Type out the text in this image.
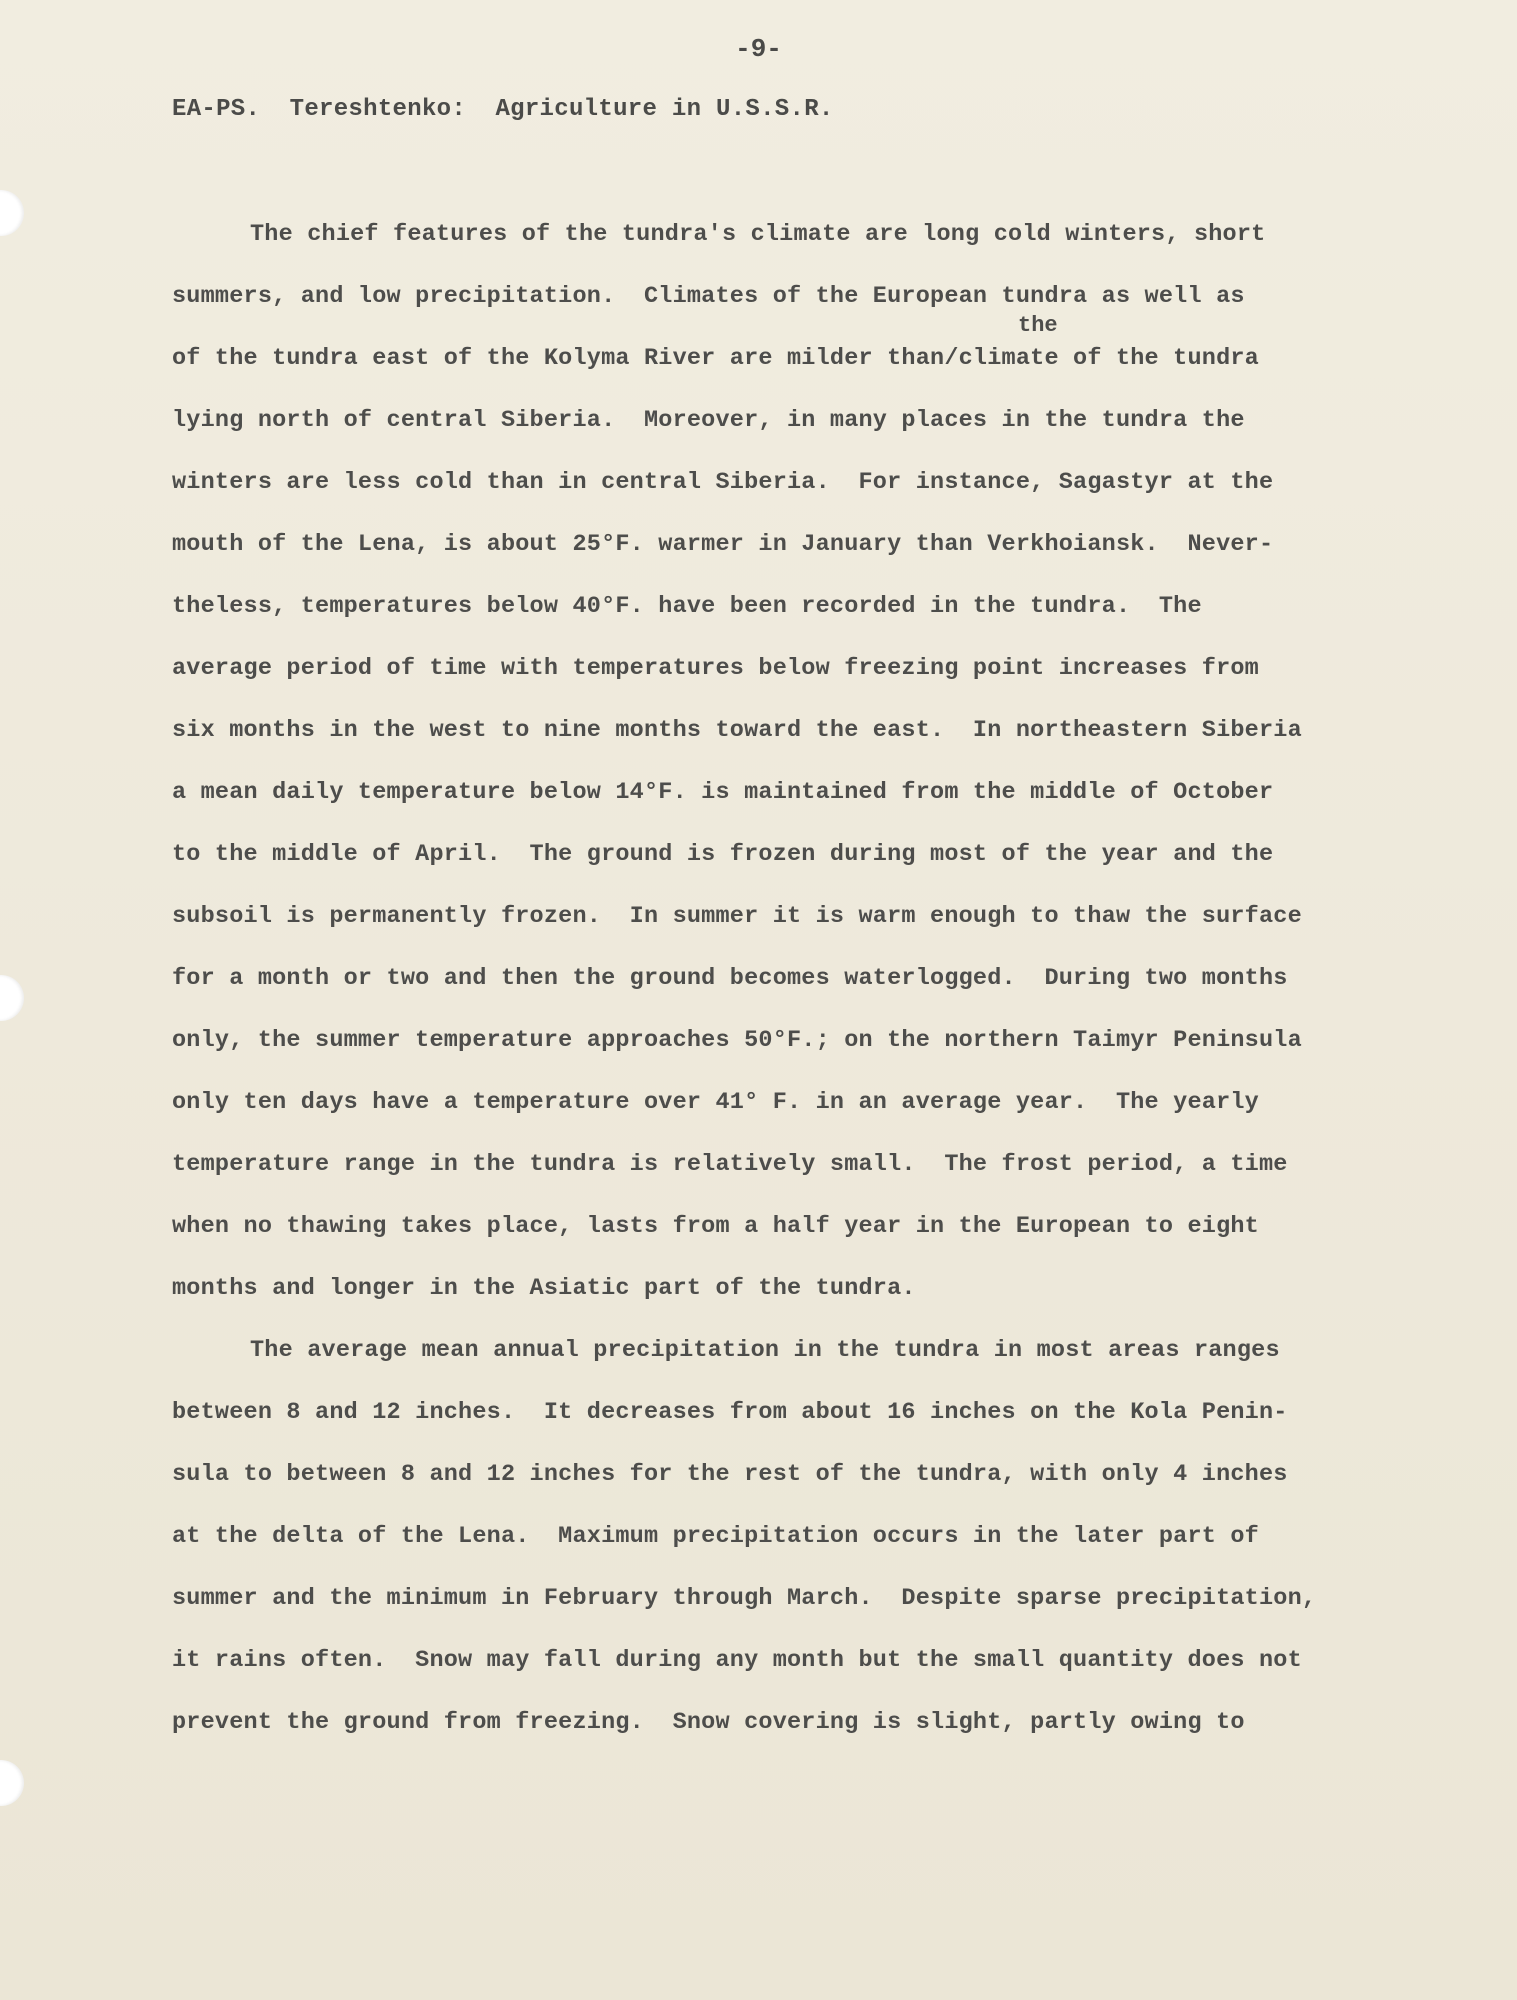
-9-
EA-PS.  Tereshtenko:  Agriculture in U.S.S.R.
the
The chief features of the tundra's climate are long cold winters, short
summers, and low precipitation.  Climates of the European tundra as well as
of the tundra east of the Kolyma River are milder than/climate of the tundra
lying north of central Siberia.  Moreover, in many places in the tundra the
winters are less cold than in central Siberia.  For instance, Sagastyr at the
mouth of the Lena, is about 25°F. warmer in January than Verkhoiansk.  Never-
theless, temperatures below 40°F. have been recorded in the tundra.  The
average period of time with temperatures below freezing point increases from
six months in the west to nine months toward the east.  In northeastern Siberia
a mean daily temperature below 14°F. is maintained from the middle of October
to the middle of April.  The ground is frozen during most of the year and the
subsoil is permanently frozen.  In summer it is warm enough to thaw the surface
for a month or two and then the ground becomes waterlogged.  During two months
only, the summer temperature approaches 50°F.; on the northern Taimyr Peninsula
only ten days have a temperature over 41° F. in an average year.  The yearly
temperature range in the tundra is relatively small.  The frost period, a time
when no thawing takes place, lasts from a half year in the European to eight
months and longer in the Asiatic part of the tundra.
The average mean annual precipitation in the tundra in most areas ranges
between 8 and 12 inches.  It decreases from about 16 inches on the Kola Penin-
sula to between 8 and 12 inches for the rest of the tundra, with only 4 inches
at the delta of the Lena.  Maximum precipitation occurs in the later part of
summer and the minimum in February through March.  Despite sparse precipitation,
it rains often.  Snow may fall during any month but the small quantity does not
prevent the ground from freezing.  Snow covering is slight, partly owing to
